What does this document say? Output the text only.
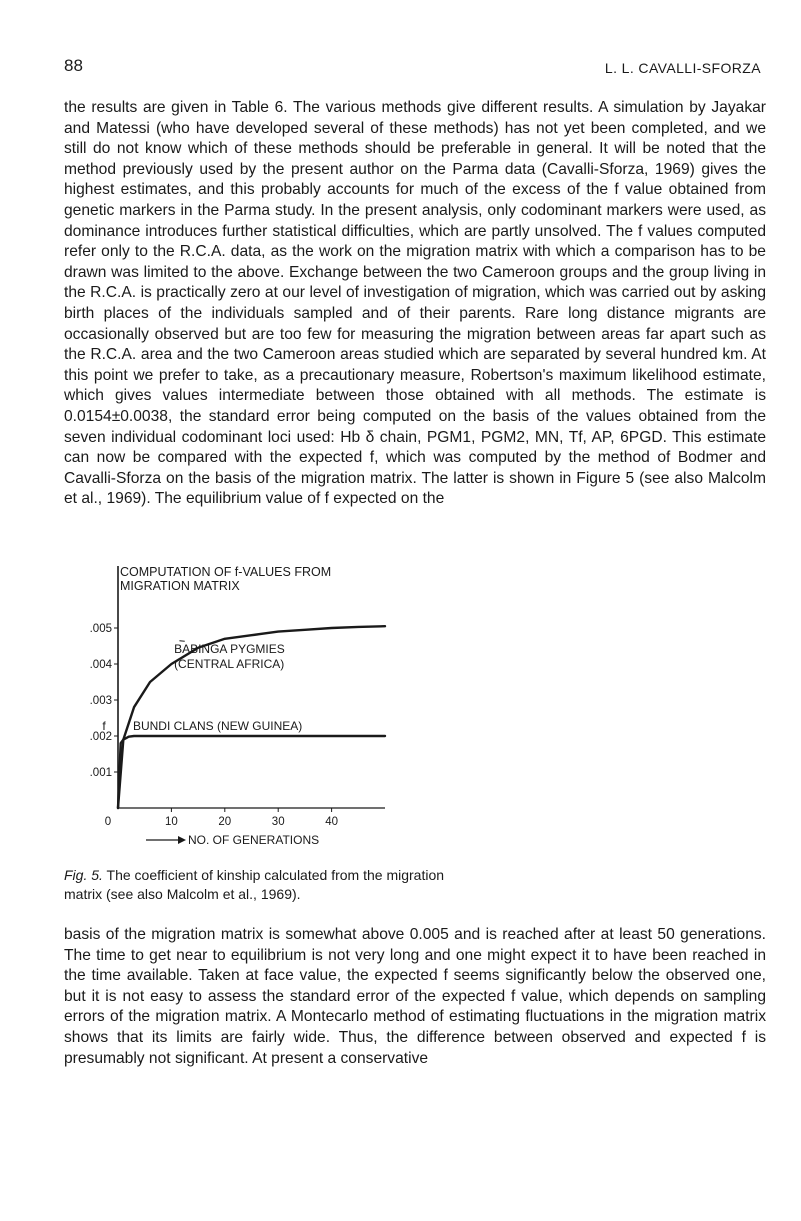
88	L. L. CAVALLI-SFORZA

the results are given in Table 6. The various methods give different results. A simulation by Jayakar and Matessi (who have developed several of these methods) has not yet been completed, and we still do not know which of these methods should be preferable in general. It will be noted that the method previously used by the present author on the Parma data (Cavalli-Sforza, 1969) gives the highest estimates, and this probably accounts for much of the excess of the f value obtained from genetic markers in the Parma study. In the present analysis, only codominant markers were used, as dominance introduces further statistical difficulties, which are partly unsolved. The f values computed refer only to the R.C.A. data, as the work on the migration matrix with which a comparison has to be drawn was limited to the above. Exchange between the two Cameroon groups and the group living in the R.C.A. is practically zero at our level of investigation of migration, which was carried out by asking birth places of the individuals sampled and of their parents. Rare long distance migrants are occasionally observed but are too few for measuring the migration between areas far apart such as the R.C.A. area and the two Cameroon areas studied which are separated by several hundred km. At this point we prefer to take, as a precautionary measure, Robertson's maximum likelihood estimate, which gives values intermediate between those obtained with all methods. The estimate is 0.0154±0.0038, the standard error being computed on the basis of the values obtained from the seven individual codominant loci used: Hb δ chain, PGM1, PGM2, MN, Tf, AP, 6PGD. This estimate can now be compared with the expected f, which was computed by the method of Bodmer and Cavalli-Sforza on the basis of the migration matrix. The latter is shown in Figure 5 (see also Malcolm et al., 1969). The equilibrium value of f expected on the

COMPUTATION OF f-VALUES FROM
MIGRATION MATRIX
.001
.002
.003
.004
.005
f
0	10	20	30	40
NO. OF GENERATIONS
BABINGA PYGMIES
(CENTRAL AFRICA)
BUNDI CLANS (NEW GUINEA)

Fig. 5. The coefficient of kinship calculated from the migration matrix (see also Malcolm et al., 1969).

basis of the migration matrix is somewhat above 0.005 and is reached after at least 50 generations. The time to get near to equilibrium is not very long and one might expect it to have been reached in the time available. Taken at face value, the expected f seems significantly below the observed one, but it is not easy to assess the standard error of the expected f value, which depends on sampling errors of the migration matrix. A Montecarlo method of estimating fluctuations in the migration matrix shows that its limits are fairly wide. Thus, the difference between observed and expected f is presumably not significant. At present a conservative
